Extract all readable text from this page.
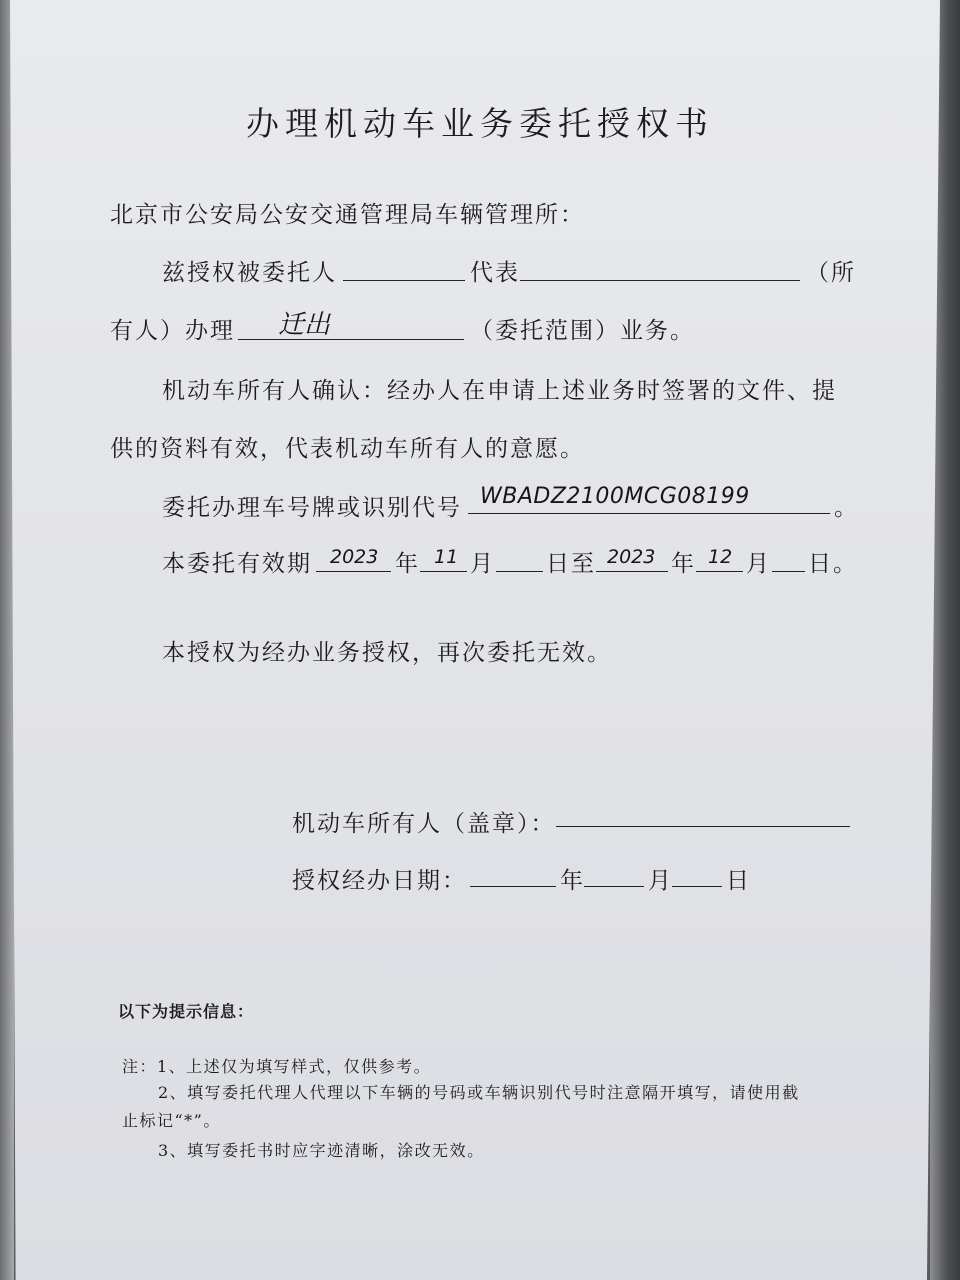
办理机动车业务委托授权书
北京市公安局公安交通管理局车辆管理所：
兹授权被委托人	代表	（所
有人）办理 迁出	（委托范围）业务。
机动车所有人确认：经办人在申请上述业务时签署的文件、提
供的资料有效，代表机动车所有人的意愿。
委托办理车号牌或识别代号 WBADZ2100MCG08199	。
本委托有效期 2023 年 11 月 日至 2023 年 12 月 日。
本授权为经办业务授权，再次委托无效。
机动车所有人（盖章）：
授权经办日期：	年	月 日
以下为提示信息：
注：1、上述仅为填写样式，仅供参考。
2、填写委托代理人代理以下车辆的号码或车辆识别代号时注意隔开填写，请使用截
止标记“*”。
3、填写委托书时应字迹清晰，涂改无效。
